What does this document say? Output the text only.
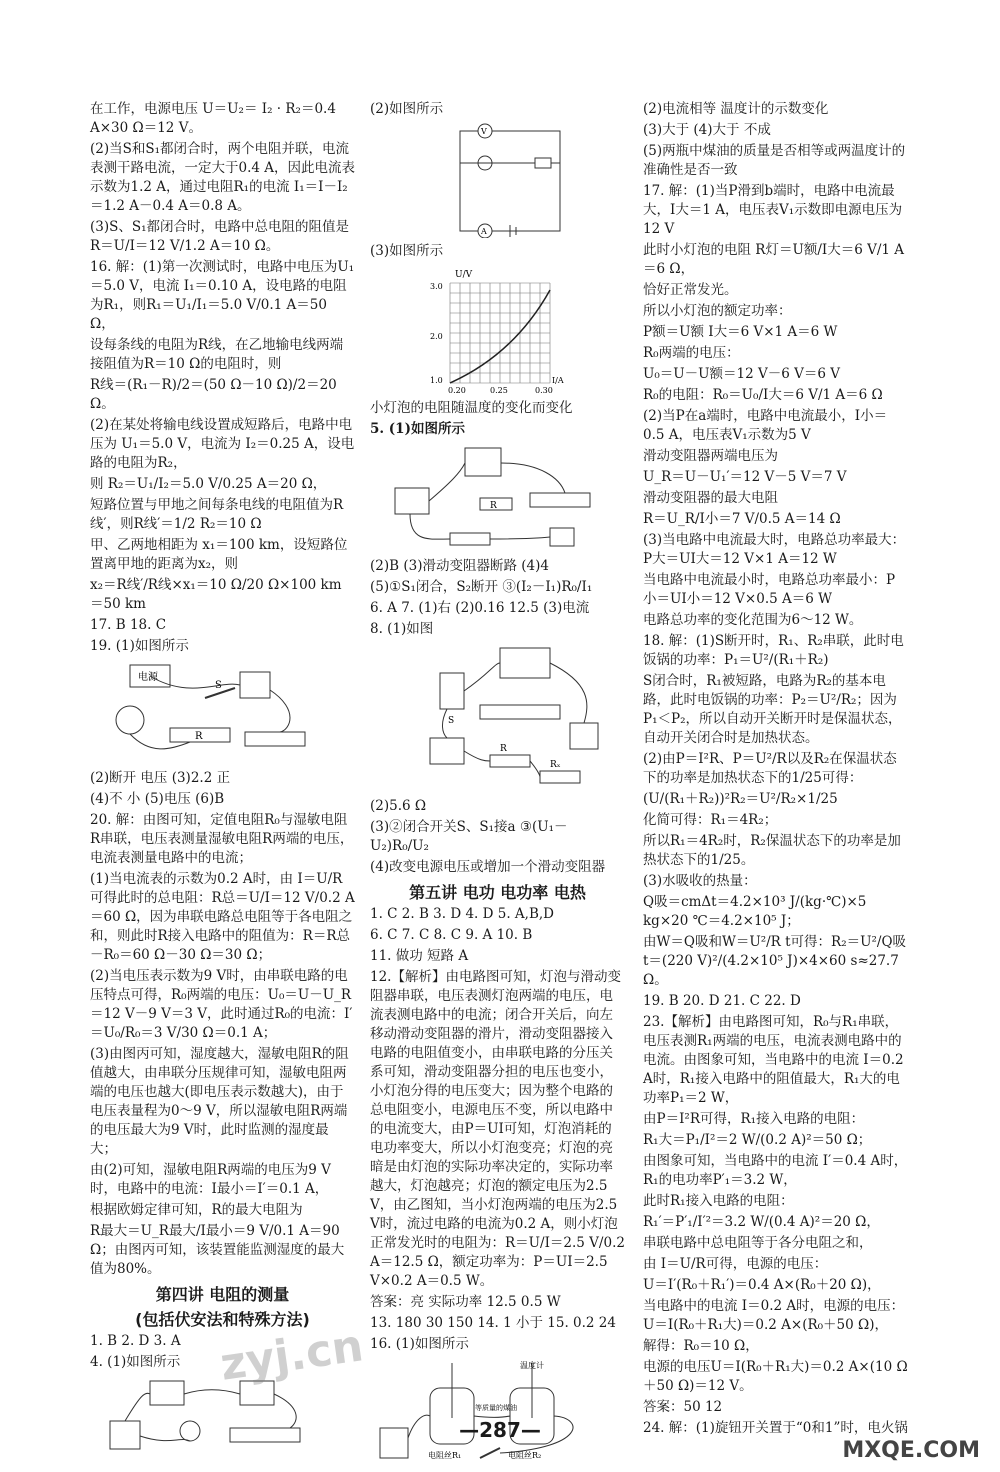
在工作，电源电压 U＝U₂＝ I₂ · R₂＝0.4 A×30 Ω＝12 V。

(2)当S和S₁都闭合时，两个电阻并联，电流表测干路电流，一定大于0.4 A，因此电流表示数为1.2 A，通过电阻R₁的电流 I₁＝I－I₂＝1.2 A－0.4 A＝0.8 A。

(3)S、S₁都闭合时，电路中总电阻的阻值是 R＝U/I＝12 V/1.2 A＝10 Ω。

16. 解：(1)第一次测试时，电路中电压为U₁＝5.0 V，电流 I₁＝0.10 A，设电路的电阻为R₁，则R₁＝U₁/I₁＝5.0 V/0.1 A＝50 Ω，

设每条线的电阻为R线，在乙地输电线两端接阻值为R＝10 Ω的电阻时，则

R线＝(R₁－R)/2＝(50 Ω－10 Ω)/2＝20 Ω。

(2)在某处将输电线设置成短路后，电路中电压为 U₁＝5.0 V，电流为 I₂＝0.25 A，设电路的电阻为R₂，

则 R₂＝U₁/I₂＝5.0 V/0.25 A＝20 Ω，

短路位置与甲地之间每条电线的电阻值为R线′，则R线′＝1/2 R₂＝10 Ω

甲、乙两地相距为 x₁＝100 km，设短路位置离甲地的距离为x₂，则

x₂＝R线′/R线×x₁＝10 Ω/20 Ω×100 km＝50 km

17. B 18. C

19. (1)如图所示

电源
R
S

(2)断开 电压 (3)2.2 正

(4)不 小 (5)电压 (6)B

20. 解：由图可知，定值电阻R₀与湿敏电阻R串联，电压表测量湿敏电阻R两端的电压，电流表测量电路中的电流；

(1)当电流表的示数为0.2 A时，由 I＝U/R可得此时的总电阻：R总＝U/I＝12 V/0.2 A＝60 Ω，因为串联电路总电阻等于各电阻之和，则此时R接入电路中的阻值为：R＝R总－R₀＝60 Ω－30 Ω＝30 Ω；

(2)当电压表示数为9 V时，由串联电路的电压特点可得，R₀两端的电压：U₀＝U－U_R＝12 V－9 V＝3 V，此时通过R₀的电流：I′＝U₀/R₀＝3 V/30 Ω＝0.1 A；

(3)由图丙可知，湿度越大，湿敏电阻R的阻值越大，由串联分压规律可知，湿敏电阻两端的电压也越大(即电压表示数越大)，由于电压表量程为0～9 V，所以湿敏电阻R两端的电压最大为9 V时，此时监测的湿度最大；

由(2)可知，湿敏电阻R两端的电压为9 V时，电路中的电流：I最小＝I′＝0.1 A，

根据欧姆定律可知，R的最大电阻为

R最大＝U_R最大/I最小＝9 V/0.1 A＝90 Ω；由图丙可知，该装置能监测湿度的最大值为80%。

第四讲 电阻的测量
(包括伏安法和特殊方法)

1. B 2. D 3. A

4. (1)如图所示

(2)如图所示

V
A

(3)如图所示

U/V
3.0
2.0
1.0
0.20	0.25	0.30
I/A

小灯泡的电阻随温度的变化而变化

5. (1)如图所示

R

(2)B (3)滑动变阻器断路 (4)4

(5)①S₁闭合，S₂断开 ③(I₂－I₁)R₀/I₁

6. A 7. (1)右 (2)0.16 12.5 (3)电流

8. (1)如图

S
R
Rₓ

(2)5.6 Ω

(3)②闭合开关S、S₁接a ③(U₁－U₂)R₀/U₂

(4)改变电源电压或增加一个滑动变阻器

第五讲 电功 电功率 电热

1. C 2. B 3. D 4. D 5. A,B,D

6. C 7. C 8. C 9. A 10. B

11. 做功 短路 A

12.【解析】由电路图可知，灯泡与滑动变阻器串联，电压表测灯泡两端的电压，电流表测电路中的电流；闭合开关后，向左移动滑动变阻器的滑片，滑动变阻器接入电路的电阻值变小，由串联电路的分压关系可知，滑动变阻器分担的电压也变小，小灯泡分得的电压变大；因为整个电路的总电阻变小，电源电压不变，所以电路中的电流变大，由P＝UI可知，灯泡消耗的电功率变大，所以小灯泡变亮；灯泡的亮暗是由灯泡的实际功率决定的，实际功率越大，灯泡越亮；灯泡的额定电压为2.5 V，由乙图知，当小灯泡两端的电压为2.5 V时，流过电路的电流为0.2 A，则小灯泡正常发光时的电阻为：R＝U/I＝2.5 V/0.2 A＝12.5 Ω，额定功率为：P＝UI＝2.5 V×0.2 A＝0.5 W。

答案：亮 实际功率 12.5 0.5 W

13. 180 30 150 14. 1 小于 15. 0.2 24

16. (1)如图所示

温度计
等质量的煤油
电阻丝R₁	电阻丝R₂

(2)电流相等 温度计的示数变化

(3)大于 (4)大于 不成

(5)两瓶中煤油的质量是否相等或两温度计的准确性是否一致

17. 解：(1)当P滑到b端时，电路中电流最大，I大＝1 A，电压表V₁示数即电源电压为12 V

此时小灯泡的电阻 R灯＝U额/I大＝6 V/1 A＝6 Ω，

恰好正常发光。

所以小灯泡的额定功率：

P额＝U额 I大＝6 V×1 A＝6 W

R₀两端的电压：

U₀＝U－U额＝12 V－6 V＝6 V

R₀的电阻：R₀＝U₀/I大＝6 V/1 A＝6 Ω

(2)当P在a端时，电路中电流最小，I小＝0.5 A，电压表V₁示数为5 V

滑动变阻器两端电压为

U_R＝U－U₁′＝12 V－5 V＝7 V

滑动变阻器的最大电阻

R＝U_R/I小＝7 V/0.5 A＝14 Ω

(3)当电路中电流最大时，电路总功率最大：P大＝UI大＝12 V×1 A＝12 W

当电路中电流最小时，电路总功率最小：P小＝UI小＝12 V×0.5 A＝6 W

电路总功率的变化范围为6～12 W。

18. 解：(1)S断开时，R₁、R₂串联，此时电饭锅的功率：P₁＝U²/(R₁＋R₂)

S闭合时，R₁被短路，电路为R₂的基本电路，此时电饭锅的功率：P₂＝U²/R₂；因为P₁＜P₂，所以自动开关断开时是保温状态，自动开关闭合时是加热状态。

(2)由P＝I²R、P＝U²/R以及R₂在保温状态下的功率是加热状态下的1/25可得：

(U/(R₁＋R₂))²R₂＝U²/R₂×1/25

化简可得：R₁＝4R₂；

所以R₁＝4R₂时，R₂保温状态下的功率是加热状态下的1/25。

(3)水吸收的热量：

Q吸＝cmΔt＝4.2×10³ J/(kg·℃)×5 kg×20 ℃＝4.2×10⁵ J；

由W＝Q吸和W＝U²/R t可得：R₂＝U²/Q吸 t＝(220 V)²/(4.2×10⁵ J)×4×60 s≈27.7 Ω。

19. B 20. D 21. C 22. D

23.【解析】由电路图可知，R₀与R₁串联，电压表测R₁两端的电压，电流表测电路中的电流。由图象可知，当电路中的电流 I＝0.2 A时，R₁接入电路中的阻值最大，R₁大的电功率P₁＝2 W，

由P＝I²R可得，R₁接入电路的电阻：

R₁大＝P₁/I²＝2 W/(0.2 A)²＝50 Ω；

由图象可知，当电路中的电流 I′＝0.4 A时，R₁的电功率P′₁＝3.2 W，

此时R₁接入电路的电阻：

R₁′＝P′₁/I′²＝3.2 W/(0.4 A)²＝20 Ω，

串联电路中总电阻等于各分电阻之和，

由 I＝U/R可得，电源的电压：

U＝I′(R₀＋R₁′)＝0.4 A×(R₀＋20 Ω)，

当电路中的电流 I＝0.2 A时，电源的电压：U＝I(R₀＋R₁大)＝0.2 A×(R₀＋50 Ω)，

解得：R₀＝10 Ω，

电源的电压U＝I(R₀＋R₁大)＝0.2 A×(10 Ω＋50 Ω)＝12 V。

答案：50 12

24. 解：(1)旋钮开关置于“0和1”时，电火锅

—287—
zyj.cn
MXQE.COM
